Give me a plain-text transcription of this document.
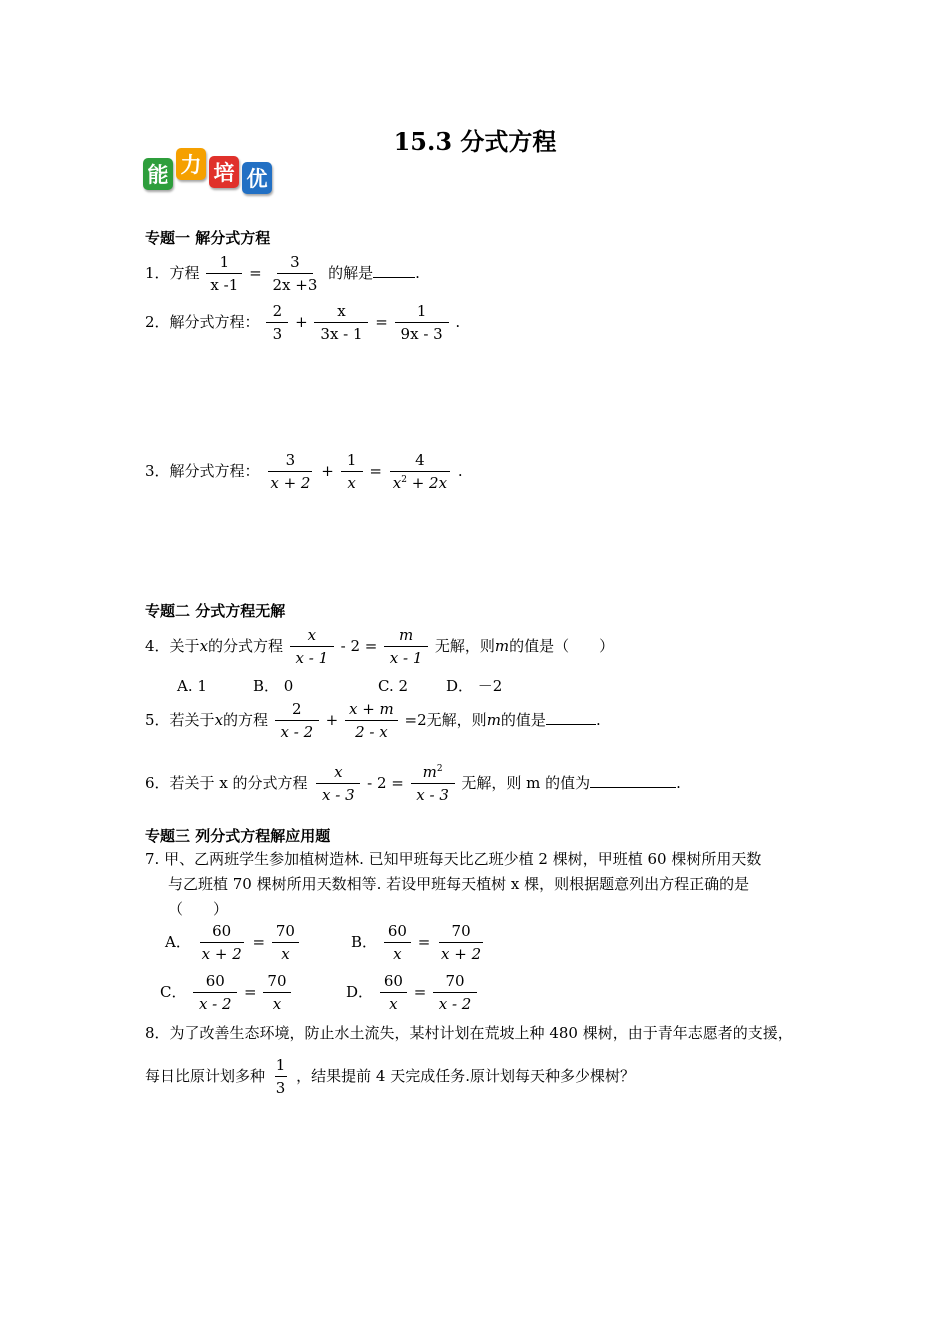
15.3 分式方程
能 力 培 优
专题一 解分式方程
1．方程 $\frac{1}{x -1} = \frac{3}{2x +3}$ 的解是	.
2．解分式方程： $\frac{2}{3} + \frac{x}{3x - 1} = \frac{1}{9x - 3}$ .
3．解分式方程： $\frac{3}{x + 2} + \frac{1}{x} = \frac{4}{x^2 + 2x}$ .
专题二 分式方程无解
4．关于x的分式方程 $\frac{x}{x - 1} - 2 = \frac{m}{x - 1}$ 无解，则m的值是（　　）
A. 1	B． 0	C. 2	D． －2
5．若关于x的方程 $\frac{2}{x - 2} + \frac{x + m}{2 - x} =2$无解，则m的值是	.
6．若关于 x 的分式方程 $\frac{x}{x - 3} - 2 = \frac{m^2}{x - 3}$ 无解，则 m 的值为	.
专题三 列分式方程解应用题
7. 甲、乙两班学生参加植树造林. 已知甲班每天比乙班少植 2 棵树，甲班植 60 棵树所用天数
与乙班植 70 棵树所用天数相等. 若设甲班每天植树 x 棵，则根据题意列出方程正确的是
（　　）
A． $\frac{60}{x + 2} = \frac{70}{x}$	B． $\frac{60}{x} = \frac{70}{x + 2}$
C． $\frac{60}{x - 2} = \frac{70}{x}$	D． $\frac{60}{x} = \frac{70}{x - 2}$
8．为了改善生态环境，防止水土流失，某村计划在荒坡上种 480 棵树，由于青年志愿者的支援，
每日比原计划多种 $\frac{1}{3}$ ，结果提前 4 天完成任务.原计划每天种多少棵树？
